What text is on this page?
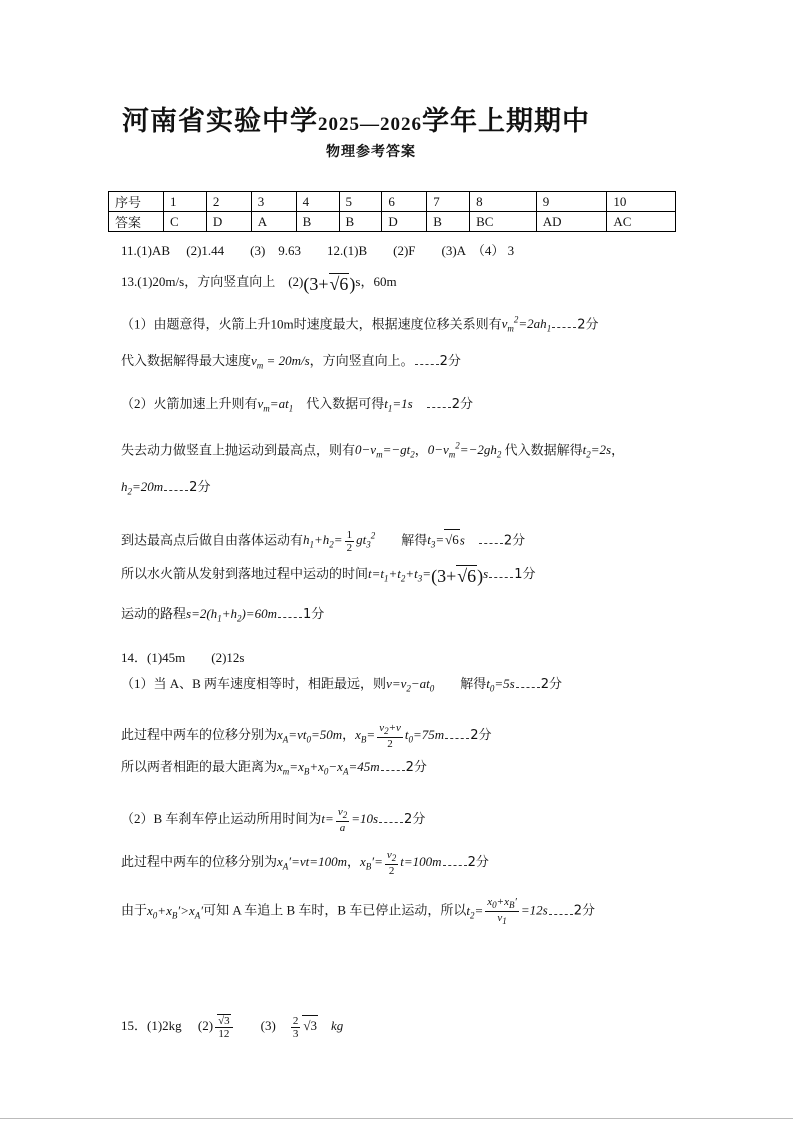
河南省实验中学2025—2026学年上期期中
物理参考答案
序号	1	2	3	4	5	6	7	8	9	10
答案	C	D	A	B	B	D	B	BC	AD	AC
11.(1)AB　 (2)1.44　　(3)　9.63　　12.(1)B　　(2)F　　(3)A　（4） 3
13.(1)20m/s，方向竖直向上　(2)(3+ √ 6)s，60m
（1）由题意得，火箭上升10m时速度最大，根据速度位移关系则有$v_m^2=2ah_1$ 2分
代入数据解得最大速度$v_m = 20m/s$，方向竖直向上。 2分
（2）火箭加速上升则有$v_m=at_1$　代入数据可得$t_1=1s$　	2分
失去动力做竖直上抛运动到最高点，则有$0-v_m=-gt_2$，$0-v_m^2=-2gh_2$ 代入数据解得$t_2=2s$，
$h_2=20m$ 2分
到达最高点后做自由落体运动有$h_1+h_2= \frac{1}{2} gt_3^2$　　解得$t_3=$ √ 6s　	2分
所以水火箭从发射到落地过程中运动的时间$t=t_1+t_2+t_3=(3+$ √ 6)s 1分
运动的路程$s=2(h_1+h_2)=60m$ 1分
14．(1)45m　　(2)12s
（1）当 A、B 两车速度相等时，相距最远，则$v=v_2-at_0$　　解得$t_0=5s$ 2分
此过程中两车的位移分别为$x_A=vt_0=50m$，$x_B= \frac{v_2+v}{2} t_0=75m$ 2分
所以两者相距的最大距离为$x_m=x_B+x_0-x_A=45m$ 2分
（2）B 车刹车停止运动所用时间为$t= \frac{v_2}{a} =10s$ 2分
此过程中两车的位移分别为$x_A'=vt=100m$，$x_B'= \frac{v_2}{2} t=100m$ 2分
由于$x_0+x_B'>x_A'$可知 A 车追上 B 车时，B 车已停止运动，所以$t_2= \frac{x_0+x_B'}{v_1} =12s$ 2分
15．(1)2kg　 (2) √ $\frac{3}{12}$ 　　(3)　 $\frac{2}{3}$ √ 3　 kg
